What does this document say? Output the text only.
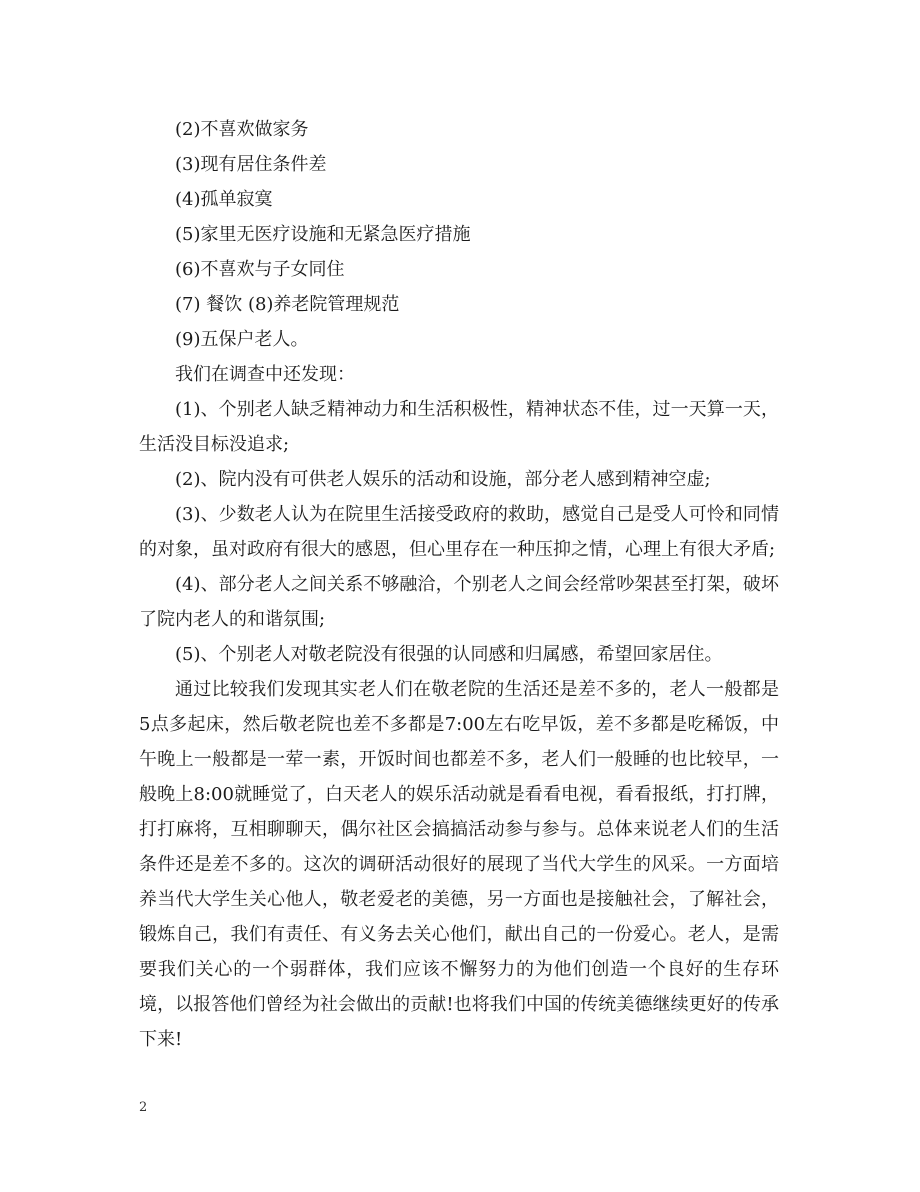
(2)不喜欢做家务

(3)现有居住条件差

(4)孤单寂寞

(5)家里无医疗设施和无紧急医疗措施

(6)不喜欢与子女同住

(7) 餐饮 (8)养老院管理规范

(9)五保户老人。

我们在调查中还发现：

(1)、个别老人缺乏精神动力和生活积极性，精神状态不佳，过一天算一天，生活没目标没追求;

(2)、院内没有可供老人娱乐的活动和设施，部分老人感到精神空虚;

(3)、少数老人认为在院里生活接受政府的救助，感觉自己是受人可怜和同情的对象，虽对政府有很大的感恩，但心里存在一种压抑之情，心理上有很大矛盾;

(4)、部分老人之间关系不够融洽，个别老人之间会经常吵架甚至打架，破坏了院内老人的和谐氛围;

(5)、个别老人对敬老院没有很强的认同感和归属感，希望回家居住。

通过比较我们发现其实老人们在敬老院的生活还是差不多的，老人一般都是5点多起床，然后敬老院也差不多都是7:00左右吃早饭，差不多都是吃稀饭，中午晚上一般都是一荤一素，开饭时间也都差不多，老人们一般睡的也比较早，一般晚上8:00就睡觉了，白天老人的娱乐活动就是看看电视，看看报纸，打打牌，打打麻将，互相聊聊天，偶尔社区会搞搞活动参与参与。总体来说老人们的生活条件还是差不多的。这次的调研活动很好的展现了当代大学生的风采。一方面培养当代大学生关心他人，敬老爱老的美德，另一方面也是接触社会，了解社会，锻炼自己，我们有责任、有义务去关心他们，献出自己的一份爱心。老人，是需要我们关心的一个弱群体，我们应该不懈努力的为他们创造一个良好的生存环境，以报答他们曾经为社会做出的贡献!也将我们中国的传统美德继续更好的传承下来!

2
